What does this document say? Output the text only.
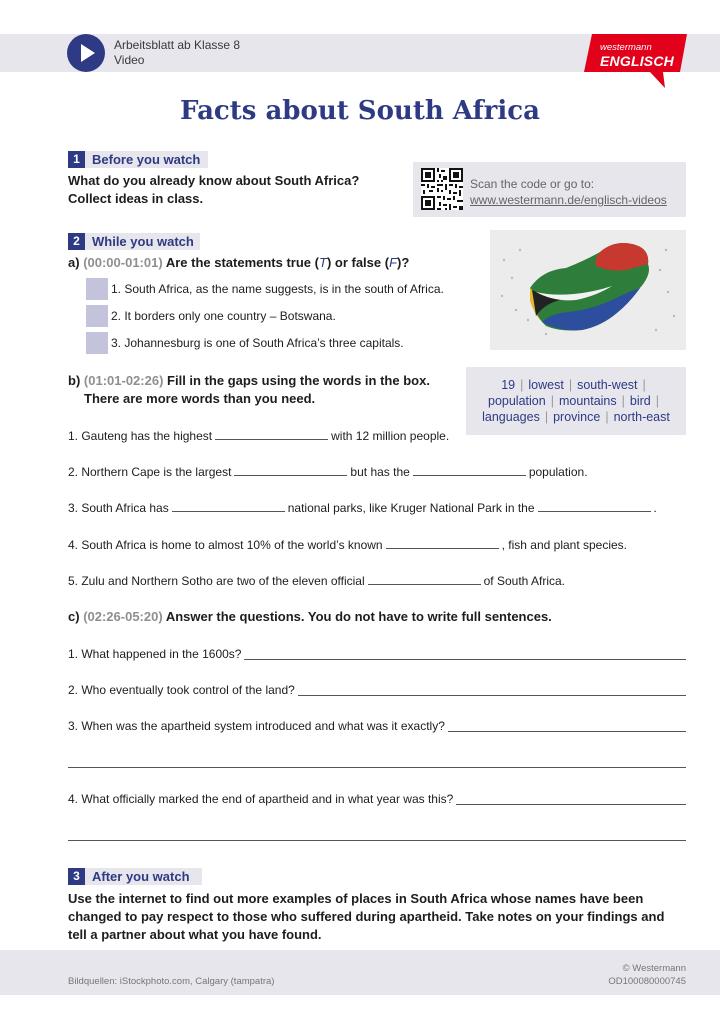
Arbeitsblatt ab Klasse 8
Video
westermann
ENGLISCH
Facts about South Africa
1 Before you watch
What do you already know about South Africa?
Collect ideas in class.
Scan the code or go to:
www.westermann.de/englisch-videos
2 While you watch
a) (00:00-01:01) Are the statements true (T) or false (F)?
1. South Africa, as the name suggests, is in the south of Africa.
2. It borders only one country – Botswana.
3. Johannesburg is one of South Africa’s three capitals.
b) (01:01-02:26) Fill in the gaps using the words in the box.
There are more words than you need.
19 | lowest | south-west |
population | mountains | bird |
languages | province | north-east
1. Gauteng has the highest	with 12 million people.
2. Northern Cape is the largest	but has the	population.
3. South Africa has	national parks, like Kruger National Park in the	.
4. South Africa is home to almost 10% of the world’s known	, fish and plant species.
5. Zulu and Northern Sotho are two of the eleven official	of South Africa.
c) (02:26-05:20) Answer the questions. You do not have to write full sentences.
1. What happened in the 1600s?
2. Who eventually took control of the land?
3. When was the apartheid system introduced and what was it exactly?
4. What officially marked the end of apartheid and in what year was this?
3 After you watch
Use the internet to find out more examples of places in South Africa whose names have been
changed to pay respect to those who suffered during apartheid. Take notes on your findings and
tell a partner about what you have found.
Bildquellen: iStockphoto.com, Calgary (tampatra)
© Westermann
OD100080000745
